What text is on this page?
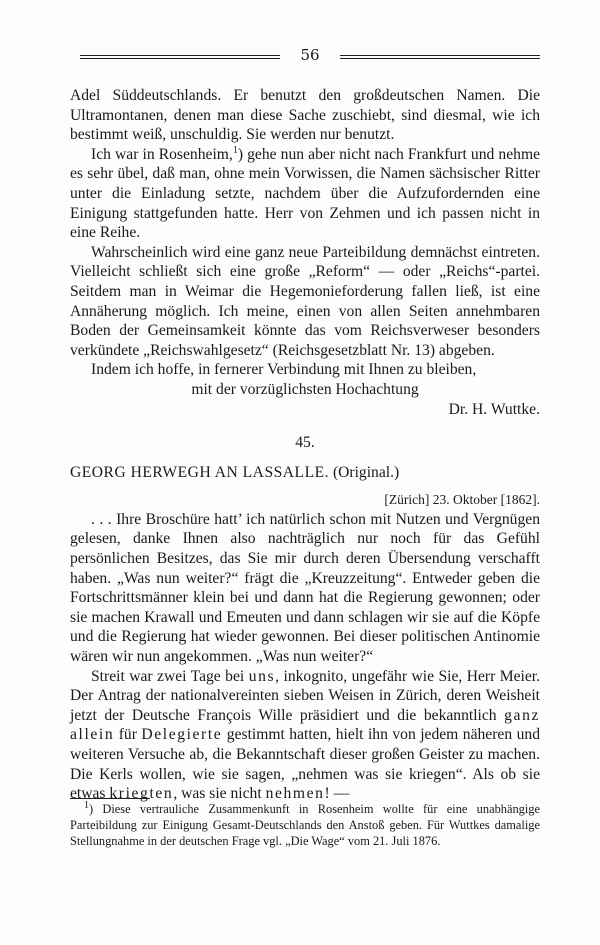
56

Adel Süddeutschlands. Er benutzt den großdeutschen Namen. Die Ultramontanen, denen man diese Sache zuschiebt, sind diesmal, wie ich bestimmt weiß, unschuldig. Sie werden nur benutzt.

Ich war in Rosenheim,$^1$) gehe nun aber nicht nach Frankfurt und nehme es sehr übel, daß man, ohne mein Vorwissen, die Namen sächsischer Ritter unter die Einladung setzte, nachdem über die Aufzufordernden eine Einigung stattgefunden hatte. Herr von Zehmen und ich passen nicht in eine Reihe.

Wahrscheinlich wird eine ganz neue Parteibildung demnächst eintreten. Vielleicht schließt sich eine große „Reform“ — oder „Reichs“-partei. Seitdem man in Weimar die Hegemonieforderung fallen ließ, ist eine Annäherung möglich. Ich meine, einen von allen Seiten annehmbaren Boden der Gemeinsamkeit könnte das vom Reichsverweser besonders verkündete „Reichswahlgesetz“ (Reichsgesetzblatt Nr. 13) abgeben.

Indem ich hoffe, in fernerer Verbindung mit Ihnen zu bleiben,

mit der vorzüglichsten Hochachtung

Dr. H. Wuttke.

45.

GEORG HERWEGH AN LASSALLE. (Original.)

[Zürich] 23. Oktober [1862].

. . . Ihre Broschüre hatt’ ich natürlich schon mit Nutzen und Vergnügen gelesen, danke Ihnen also nachträglich nur noch für das Gefühl persönlichen Besitzes, das Sie mir durch deren Übersendung verschafft haben. „Was nun weiter?“ frägt die „Kreuzzeitung“. Entweder geben die Fortschrittsmänner klein bei und dann hat die Regierung gewonnen; oder sie machen Krawall und Emeuten und dann schlagen wir sie auf die Köpfe und die Regierung hat wieder gewonnen. Bei dieser politischen Antinomie wären wir nun angekommen. „Was nun weiter?“

Streit war zwei Tage bei uns, inkognito, ungefähr wie Sie, Herr Meier. Der Antrag der nationalvereinten sieben Weisen in Zürich, deren Weisheit jetzt der Deutsche François Wille präsidiert und die bekanntlich ganz allein für Delegierte gestimmt hatten, hielt ihn von jedem näheren und weiteren Versuche ab, die Bekanntschaft dieser großen Geister zu machen. Die Kerls wollen, wie sie sagen, „nehmen was sie kriegen“. Als ob sie etwas kriegten, was sie nicht nehmen! —

$^1$) Diese vertrauliche Zusammenkunft in Rosenheim wollte für eine unabhängige Parteibildung zur Einigung Gesamt-Deutschlands den Anstoß geben. Für Wuttkes damalige Stellungnahme in der deutschen Frage vgl. „Die Wage“ vom 21. Juli 1876.
